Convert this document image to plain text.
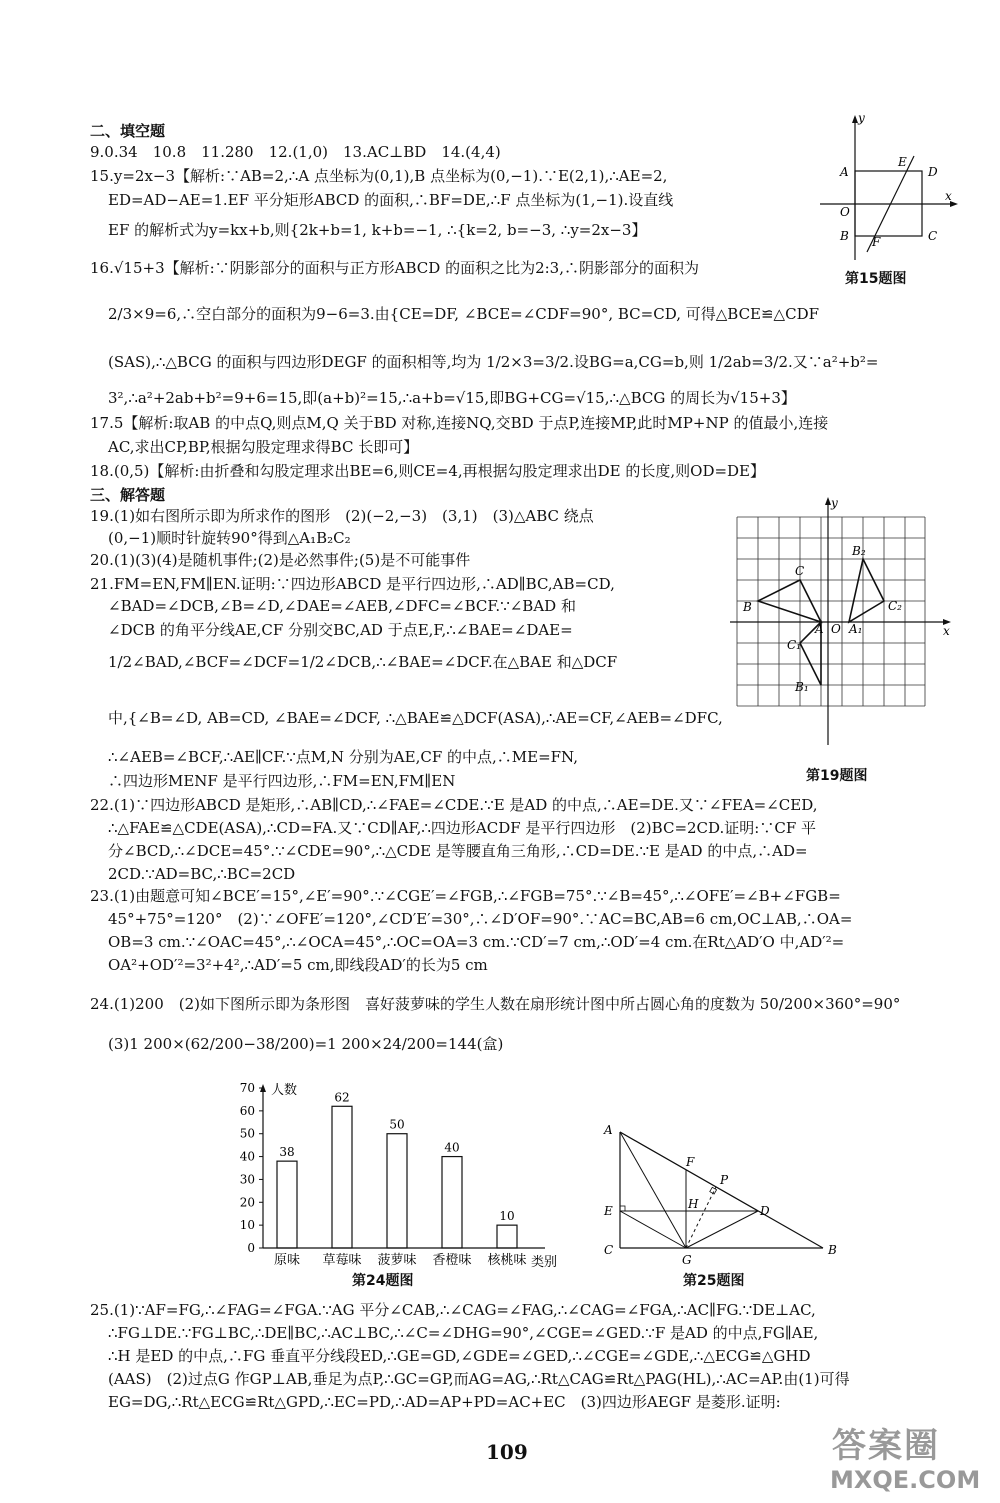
二、填空题
三、解答题
9.0.34　10.8　11.280　12.(1,0)　13.AC⊥BD　14.(4,4)
15.y=2x−3【解析:∵AB=2,∴A 点坐标为(0,1),B 点坐标为(0,−1).∵E(2,1),∴AE=2,
ED=AD−AE=1.EF 平分矩形ABCD 的面积,∴BF=DE,∴F 点坐标为(1,−1).设直线
EF 的解析式为y=kx+b,则{2k+b=1, k+b=−1, ∴{k=2, b=−3, ∴y=2x−3】
16.√15+3【解析:∵阴影部分的面积与正方形ABCD 的面积之比为2:3,∴阴影部分的面积为
2/3×9=6,∴空白部分的面积为9−6=3.由{CE=DF, ∠BCE=∠CDF=90°, BC=CD, 可得△BCE≌△CDF
(SAS),∴△BCG 的面积与四边形DEGF 的面积相等,均为 1/2×3=3/2.设BG=a,CG=b,则 1/2ab=3/2.又∵a²+b²=
3²,∴a²+2ab+b²=9+6=15,即(a+b)²=15,∴a+b=√15,即BG+CG=√15,∴△BCG 的周长为√15+3】
17.5【解析:取AB 的中点Q,则点M,Q 关于BD 对称,连接NQ,交BD 于点P,连接MP,此时MP+NP 的值最小,连接
AC,求出CP,BP,根据勾股定理求得BC 长即可】
18.(0,5)【解析:由折叠和勾股定理求出BE=6,则CE=4,再根据勾股定理求出DE 的长度,则OD=DE】
19.(1)如右图所示即为所求作的图形　(2)(−2,−3)　(3,1)　(3)△ABC 绕点
(0,−1)顺时针旋转90°得到△A₁B₂C₂
20.(1)(3)(4)是随机事件;(2)是必然事件;(5)是不可能事件
21.FM=EN,FM∥EN.证明:∵四边形ABCD 是平行四边形,∴AD∥BC,AB=CD,
∠BAD=∠DCB,∠B=∠D,∠DAE=∠AEB,∠DFC=∠BCF.∵∠BAD 和
∠DCB 的角平分线AE,CF 分别交BC,AD 于点E,F,∴∠BAE=∠DAE=
1/2∠BAD,∠BCF=∠DCF=1/2∠DCB,∴∠BAE=∠DCF.在△BAE 和△DCF
中,{∠B=∠D, AB=CD, ∠BAE=∠DCF, ∴△BAE≌△DCF(ASA),∴AE=CF,∠AEB=∠DFC,
∴∠AEB=∠BCF,∴AE∥CF.∵点M,N 分别为AE,CF 的中点,∴ME=FN,
∴四边形MENF 是平行四边形,∴FM=EN,FM∥EN
22.(1)∵四边形ABCD 是矩形,∴AB∥CD,∴∠FAE=∠CDE.∵E 是AD 的中点,∴AE=DE.又∵∠FEA=∠CED,
∴△FAE≌△CDE(ASA),∴CD=FA.又∵CD∥AF,∴四边形ACDF 是平行四边形　(2)BC=2CD.证明:∵CF 平
分∠BCD,∴∠DCE=45°.∵∠CDE=90°,∴△CDE 是等腰直角三角形,∴CD=DE.∵E 是AD 的中点,∴AD=
2CD.∵AD=BC,∴BC=2CD
23.(1)由题意可知∠BCE′=15°,∠E′=90°.∵∠CGE′=∠FGB,∴∠FGB=75°.∵∠B=45°,∴∠OFE′=∠B+∠FGB=
45°+75°=120°　(2)∵∠OFE′=120°,∠CD′E′=30°,∴∠D′OF=90°.∵AC=BC,AB=6 cm,OC⊥AB,∴OA=
OB=3 cm.∵∠OAC=45°,∴∠OCA=45°,∴OC=OA=3 cm.∵CD′=7 cm,∴OD′=4 cm.在Rt△AD′O 中,AD′²=
OA²+OD′²=3²+4²,∴AD′=5 cm,即线段AD′的长为5 cm
24.(1)200　(2)如下图所示即为条形图　喜好菠萝味的学生人数在扇形统计图中所占圆心角的度数为 50/200×360°=90°
(3)1 200×(62/200−38/200)=1 200×24/200=144(盒)
25.(1)∵AF=FG,∴∠FAG=∠FGA.∵AG 平分∠CAB,∴∠CAG=∠FAG,∴∠CAG=∠FGA,∴AC∥FG.∵DE⊥AC,
∴FG⊥DE.∵FG⊥BC,∴DE∥BC,∴AC⊥BC,∴∠C=∠DHG=90°,∠CGE=∠GED.∵F 是AD 的中点,FG∥AE,
∴H 是ED 的中点,∴FG 垂直平分线段ED,∴GE=GD,∠GDE=∠GED,∴∠CGE=∠GDE,∴△ECG≌△GHD
(AAS)　(2)过点G 作GP⊥AB,垂足为点P,∴GC=GP,而AG=AG,∴Rt△CAG≌Rt△PAG(HL),∴AC=AP.由(1)可得
EG=DG,∴Rt△ECG≌Rt△GPD,∴EC=PD,∴AD=AP+PD=AC+EC　(3)四边形AEGF 是菱形.证明:
y
x
A
E
D
O
B F	C
第15题图
y
x
B₂
C
B	C₂
A O A₁
C₁
B₁
第19题图
人数
类别
0
10
20
30
40
50
60
70
38
原味
62
草莓味
50
菠萝味
40
香橙味
10
核桃味
第24题图
A
F
P
H
E	D
C
G
B
第25题图
109	答案圈
MXQE.COM
